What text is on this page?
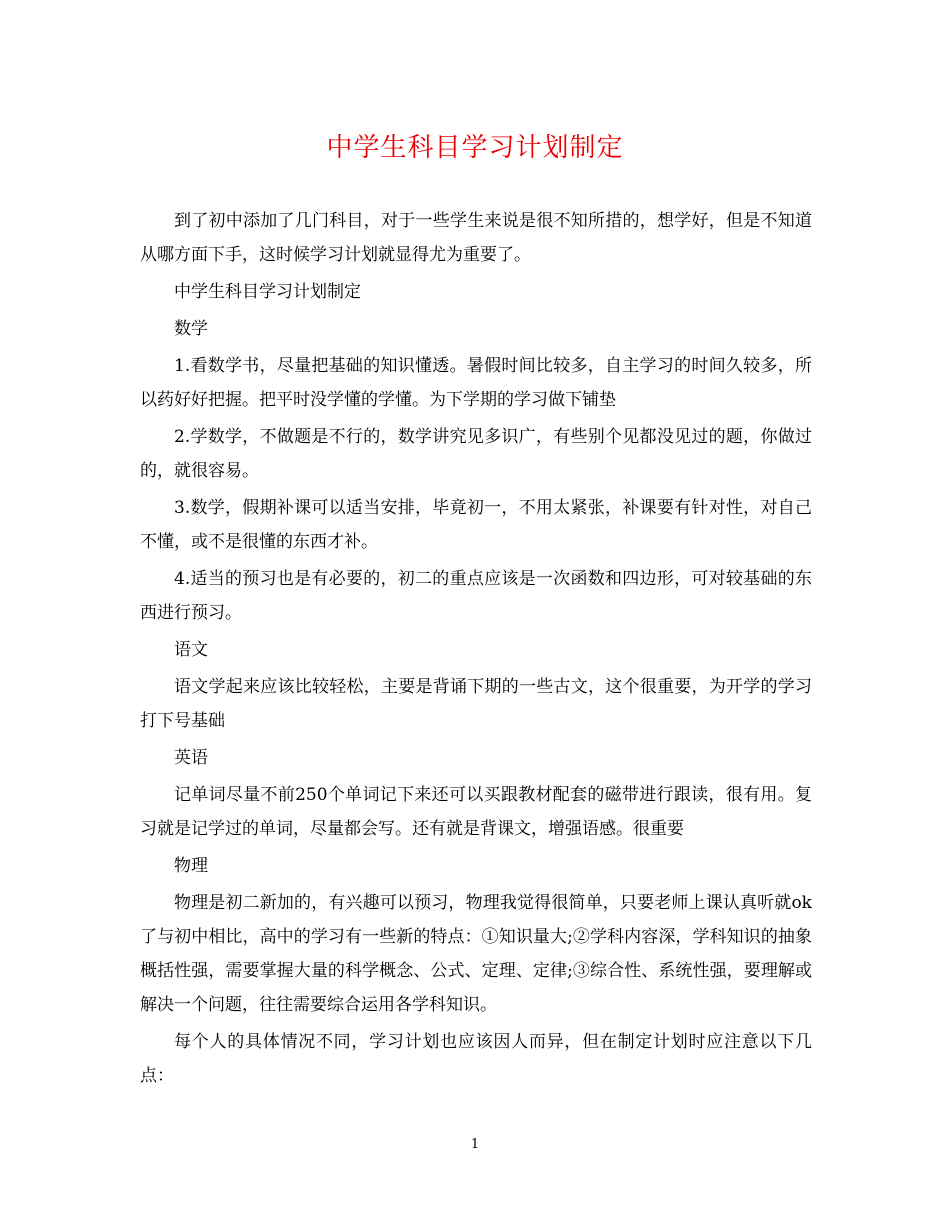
中学生科目学习计划制定

到了初中添加了几门科目，对于一些学生来说是很不知所措的，想学好，但是不知道从哪方面下手，这时候学习计划就显得尤为重要了。

中学生科目学习计划制定

数学

1.看数学书，尽量把基础的知识懂透。暑假时间比较多，自主学习的时间久较多，所以药好好把握。把平时没学懂的学懂。为下学期的学习做下铺垫

2.学数学，不做题是不行的，数学讲究见多识广，有些别个见都没见过的题，你做过的，就很容易。

3.数学，假期补课可以适当安排，毕竟初一，不用太紧张，补课要有针对性，对自己不懂，或不是很懂的东西才补。

4.适当的预习也是有必要的，初二的重点应该是一次函数和四边形，可对较基础的东西进行预习。

语文

语文学起来应该比较轻松，主要是背诵下期的一些古文，这个很重要，为开学的学习打下号基础

英语

记单词尽量不前250个单词记下来还可以买跟教材配套的磁带进行跟读，很有用。复习就是记学过的单词，尽量都会写。还有就是背课文，增强语感。很重要

物理

物理是初二新加的，有兴趣可以预习，物理我觉得很简单，只要老师上课认真听就ok了与初中相比，高中的学习有一些新的特点：①知识量大;②学科内容深，学科知识的抽象概括性强，需要掌握大量的科学概念、公式、定理、定律;③综合性、系统性强，要理解或解决一个问题，往往需要综合运用各学科知识。

每个人的具体情况不同，学习计划也应该因人而异，但在制定计划时应注意以下几点：

1
